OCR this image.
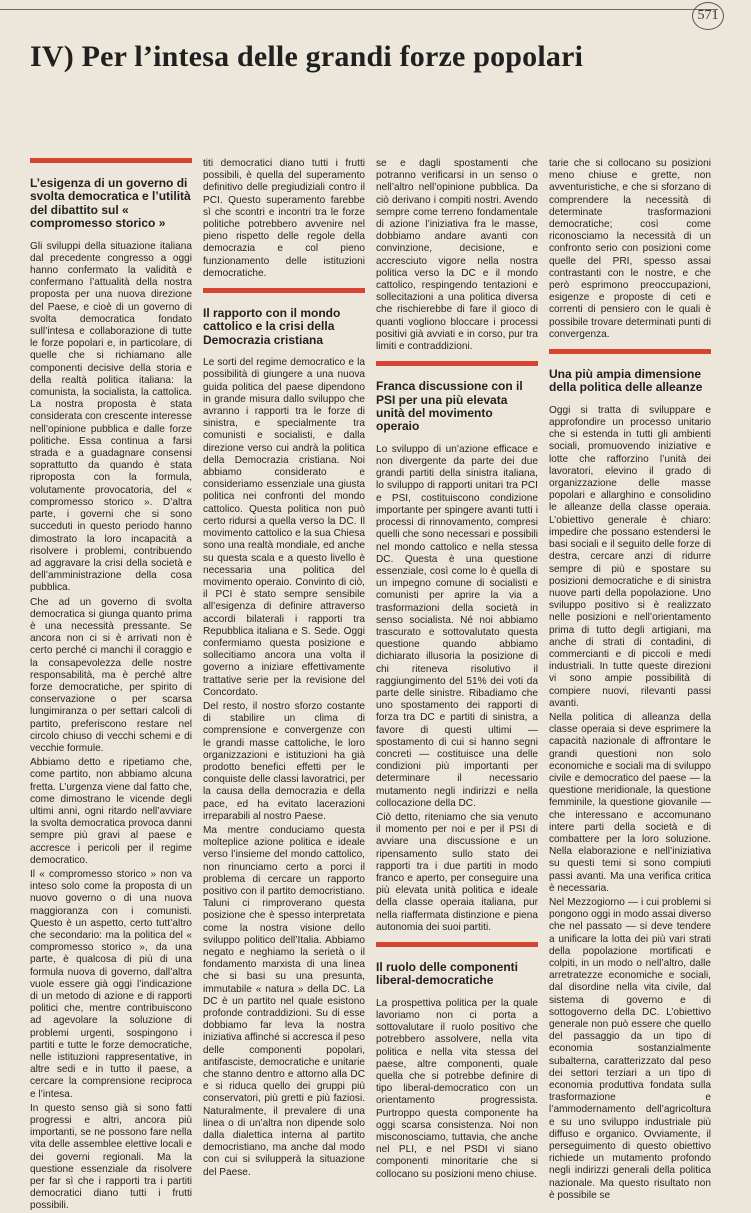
571
IV) Per l’intesa delle grandi forze popolari
L’esigenza di un governo di svolta democratica e l’utilità del dibattito sul « compromesso storico »

Gli sviluppi della situazione italiana dal precedente congresso a oggi hanno confermato la validità e confermano l’attualità della nostra proposta per una nuova direzione del Paese, e cioè di un governo di svolta democratica fondato sull’intesa e collaborazione di tutte le forze popolari e, in particolare, di quelle che si richiamano alle componenti decisive della storia e della realtà politica italiana: la comunista, la socialista, la cattolica. La nostra proposta è stata considerata con crescente interesse nell’opinione pubblica e dalle forze politiche. Essa continua a farsi strada e a guadagnare consensi soprattutto da quando è stata riproposta con la formula, volutamente provocatoria, del « compromesso storico ». D’altra parte, i governi che si sono succeduti in questo periodo hanno dimostrato la loro incapacità a risolvere i problemi, contribuendo ad aggravare la crisi della società e dell’amministrazione della cosa pubblica.

Che ad un governo di svolta democratica si giunga quanto prima è una necessità pressante. Se ancora non ci si è arrivati non è certo perché ci manchi il coraggio e la consapevolezza delle nostre responsabilità, ma è perché altre forze democratiche, per spirito di conservazione o per scarsa lungimiranza o per settari calcoli di partito, preferiscono restare nel circolo chiuso di vecchi schemi e di vecchie formule.

Abbiamo detto e ripetiamo che, come partito, non abbiamo alcuna fretta. L’urgenza viene dal fatto che, come dimostrano le vicende degli ultimi anni, ogni ritardo nell’avviare la svolta democratica provoca danni sempre più gravi al paese e accresce i pericoli per il regime democratico.

Il « compromesso storico » non va inteso solo come la proposta di un nuovo governo o di una nuova maggioranza con i comunisti. Questo è un aspetto, certo tutt’altro che secondario: ma la politica del « compromesso storico », da una parte, è qualcosa di più di una formula nuova di governo, dall’altra vuole essere già oggi l’indicazione di un metodo di azione e di rapporti politici che, mentre contribuiscono ad agevolare la soluzione di problemi urgenti, sospingono i partiti e tutte le forze democratiche, nelle istituzioni rappresentative, in altre sedi e in tutto il paese, a cercare la comprensione reciproca e l’intesa.

In questo senso già si sono fatti progressi e altri, ancora più importanti, se ne possono fare nella vita delle assemblee elettive locali e dei governi regionali. Ma la questione essenziale da risolvere per far sì che i rapporti tra i partiti democratici diano tutti i frutti possibili.

titi democratici diano tutti i frutti possibili, è quella del superamento definitivo delle pregiudiziali contro il PCI. Questo superamento farebbe sì che scontri e incontri tra le forze politiche potrebbero avvenire nel pieno rispetto delle regole della democrazia e col pieno funzionamento delle istituzioni democratiche.

Il rapporto con il mondo cattolico e la crisi della Democrazia cristiana

Le sorti del regime democratico e la possibilità di giungere a una nuova guida politica del paese dipendono in grande misura dallo sviluppo che avranno i rapporti tra le forze di sinistra, e specialmente tra comunisti e socialisti, e dalla direzione verso cui andrà la politica della Democrazia cristiana. Noi abbiamo considerato e consideriamo essenziale una giusta politica nei confronti del mondo cattolico. Questa politica non può certo ridursi a quella verso la DC. Il movimento cattolico e la sua Chiesa sono una realtà mondiale, ed anche su questa scala e a questo livello è necessaria una politica del movimento operaio. Convinto di ciò, il PCI è stato sempre sensibile all’esigenza di definire attraverso accordi bilaterali i rapporti tra Repubblica italiana e S. Sede. Oggi confermiamo questa posizione e sollecitiamo ancora una volta il governo a iniziare effettivamente trattative serie per la revisione del Concordato.

Del resto, il nostro sforzo costante di stabilire un clima di comprensione e convergenze con le grandi masse cattoliche, le loro organizzazioni e istituzioni ha già prodotto benefici effetti per le conquiste delle classi lavoratrici, per la causa della democrazia e della pace, ed ha evitato lacerazioni irreparabili al nostro Paese.

Ma mentre conduciamo questa molteplice azione politica e ideale verso l’insieme del mondo cattolico, non rinunciamo certo a porci il problema di cercare un rapporto positivo con il partito democristiano. Taluni ci rimproverano questa posizione che è spesso interpretata come la nostra visione dello sviluppo politico dell’Italia. Abbiamo negato e neghiamo la serietà o il fondamento marxista di una linea che si basi su una presunta, immutabile « natura » della DC. La DC è un partito nel quale esistono profonde contraddizioni. Su di esse dobbiamo far leva la nostra iniziativa affinché si accresca il peso delle componenti popolari, antifasciste, democratiche e unitarie che stanno dentro e attorno alla DC e si riduca quello dei gruppi più conservatori, più gretti e più faziosi. Naturalmente, il prevalere di una linea o di un’altra non dipende solo dalla dialettica interna al partito democristiano, ma anche dal modo con cui si svilupperà la situazione del Paese.

se e dagli spostamenti che potranno verificarsi in un senso o nell’altro nell’opinione pubblica. Da ciò derivano i compiti nostri. Avendo sempre come terreno fondamentale di azione l’iniziativa fra le masse, dobbiamo andare avanti con convinzione, decisione, e accresciuto vigore nella nostra politica verso la DC e il mondo cattolico, respingendo tentazioni e sollecitazioni a una politica diversa che rischierebbe di fare il gioco di quanti vogliono bloccare i processi positivi già avviati e in corso, pur tra limiti e contraddizioni.

Franca discussione con il PSI per una più elevata unità del movimento operaio

Lo sviluppo di un’azione efficace e non divergente da parte dei due grandi partiti della sinistra italiana, lo sviluppo di rapporti unitari tra PCI e PSI, costituiscono condizione importante per spingere avanti tutti i processi di rinnovamento, compresi quelli che sono necessari e possibili nel mondo cattolico e nella stessa DC. Questa è una questione essenziale, così come lo è quella di un impegno comune di socialisti e comunisti per aprire la via a trasformazioni della società in senso socialista. Né noi abbiamo trascurato e sottovalutato questa questione quando abbiamo dichiarato illusoria la posizione di chi riteneva risolutivo il raggiungimento del 51% dei voti da parte delle sinistre. Ribadiamo che uno spostamento dei rapporti di forza tra DC e partiti di sinistra, a favore di questi ultimi — spostamento di cui si hanno segni concreti — costituisce una delle condizioni più importanti per determinare il necessario mutamento negli indirizzi e nella collocazione della DC.

Ciò detto, riteniamo che sia venuto il momento per noi e per il PSI di avviare una discussione e un ripensamento sullo stato dei rapporti tra i due partiti in modo franco e aperto, per conseguire una più elevata unità politica e ideale della classe operaia italiana, pur nella riaffermata distinzione e piena autonomia dei suoi partiti.

Il ruolo delle componenti liberal-democratiche

La prospettiva politica per la quale lavoriamo non ci porta a sottovalutare il ruolo positivo che potrebbero assolvere, nella vita politica e nella vita stessa del paese, altre componenti, quale quella che si potrebbe definire di tipo liberal-democratico con un orientamento progressista. Purtroppo questa componente ha oggi scarsa consistenza. Noi non misconosciamo, tuttavia, che anche nel PLI, e nel PSDI vi siano componenti minoritarie che si collocano su posizioni meno chiuse.

tarie che si collocano su posizioni meno chiuse e grette, non avventuristiche, e che si sforzano di comprendere la necessità di determinate trasformazioni democratiche; così come riconosciamo la necessità di un confronto serio con posizioni come quelle del PRI, spesso assai contrastanti con le nostre, e che però esprimono preoccupazioni, esigenze e proposte di ceti e correnti di pensiero con le quali è possibile trovare determinati punti di convergenza.

Una più ampia dimensione della politica delle alleanze

Oggi si tratta di sviluppare e approfondire un processo unitario che si estenda in tutti gli ambienti sociali, promuovendo iniziative e lotte che rafforzino l’unità dei lavoratori, elevino il grado di organizzazione delle masse popolari e allarghino e consolidino le alleanze della classe operaia. L’obiettivo generale è chiaro: impedire che possano estendersi le basi sociali e il seguito delle forze di destra, cercare anzi di ridurre sempre di più e spostare su posizioni democratiche e di sinistra nuove parti della popolazione. Uno sviluppo positivo si è realizzato nelle posizioni e nell’orientamento prima di tutto degli artigiani, ma anche di strati di contadini, di commercianti e di piccoli e medi industriali. In tutte queste direzioni vi sono ampie possibilità di compiere nuovi, rilevanti passi avanti.

Nella politica di alleanza della classe operaia si deve esprimere la capacità nazionale di affrontare le grandi questioni non solo economiche e sociali ma di sviluppo civile e democratico del paese — la questione meridionale, la questione femminile, la questione giovanile — che interessano e accomunano intere parti della società e di combattere per la loro soluzione. Nella elaborazione e nell’iniziativa su questi temi si sono compiuti passi avanti. Ma una verifica critica è necessaria.

Nel Mezzogiorno — i cui problemi si pongono oggi in modo assai diverso che nel passato — si deve tendere a unificare la lotta dei più vari strati della popolazione mortificati e colpiti, in un modo o nell’altro, dalle arretratezze economiche e sociali, dal disordine nella vita civile, dal sistema di governo e di sottogoverno della DC. L’obiettivo generale non può essere che quello del passaggio da un tipo di economia sostanzialmente subalterna, caratterizzato dal peso dei settori terziari a un tipo di economia produttiva fondata sulla trasformazione e l’ammodernamento dell’agricoltura e su uno sviluppo industriale più diffuso e organico. Ovviamente, il perseguimento di questo obiettivo richiede un mutamento profondo negli indirizzi generali della politica nazionale. Ma questo risultato non è possibile se
